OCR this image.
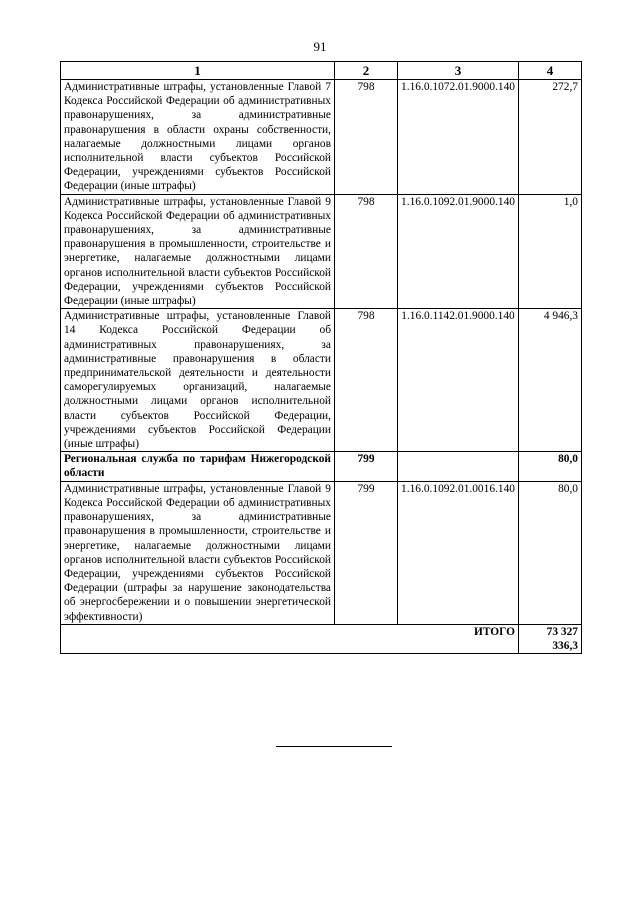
91
1	2	3	4
Административные штрафы, установленные Главой 7 Кодекса Российской Федерации об административных правонарушениях, за административные правонарушения в области охраны собственности, налагаемые должностными лицами органов исполнительной власти субъектов Российской Федерации, учреждениями субъектов Российской Федерации (иные штрафы)	798	1.16.0.1072.01.9000.140	272,7
Административные штрафы, установленные Главой 9 Кодекса Российской Федерации об административных правонарушениях, за административные правонарушения в промышленности, строительстве и энергетике, налагаемые должностными лицами органов исполнительной власти субъектов Российской Федерации, учреждениями субъектов Российской Федерации (иные штрафы)	798	1.16.0.1092.01.9000.140	1,0
Административные штрафы, установленные Главой 14 Кодекса Российской Федерации об административных правонарушениях, за административные правонарушения в области предпринимательской деятельности и деятельности саморегулируемых организаций, налагаемые должностными лицами органов исполнительной власти субъектов Российской Федерации, учреждениями субъектов Российской Федерации (иные штрафы)	798	1.16.0.1142.01.9000.140	4 946,3
Региональная служба по тарифам Нижегородской области	799		80,0
Административные штрафы, установленные Главой 9 Кодекса Российской Федерации об административных правонарушениях, за административные правонарушения в промышленности, строительстве и энергетике, налагаемые должностными лицами органов исполнительной власти субъектов Российской Федерации, учреждениями субъектов Российской Федерации (штрафы за нарушение законодательства об энергосбережении и о повышении энергетической эффективности)	799	1.16.0.1092.01.0016.140	80,0
ИТОГО			73 327 336,3
